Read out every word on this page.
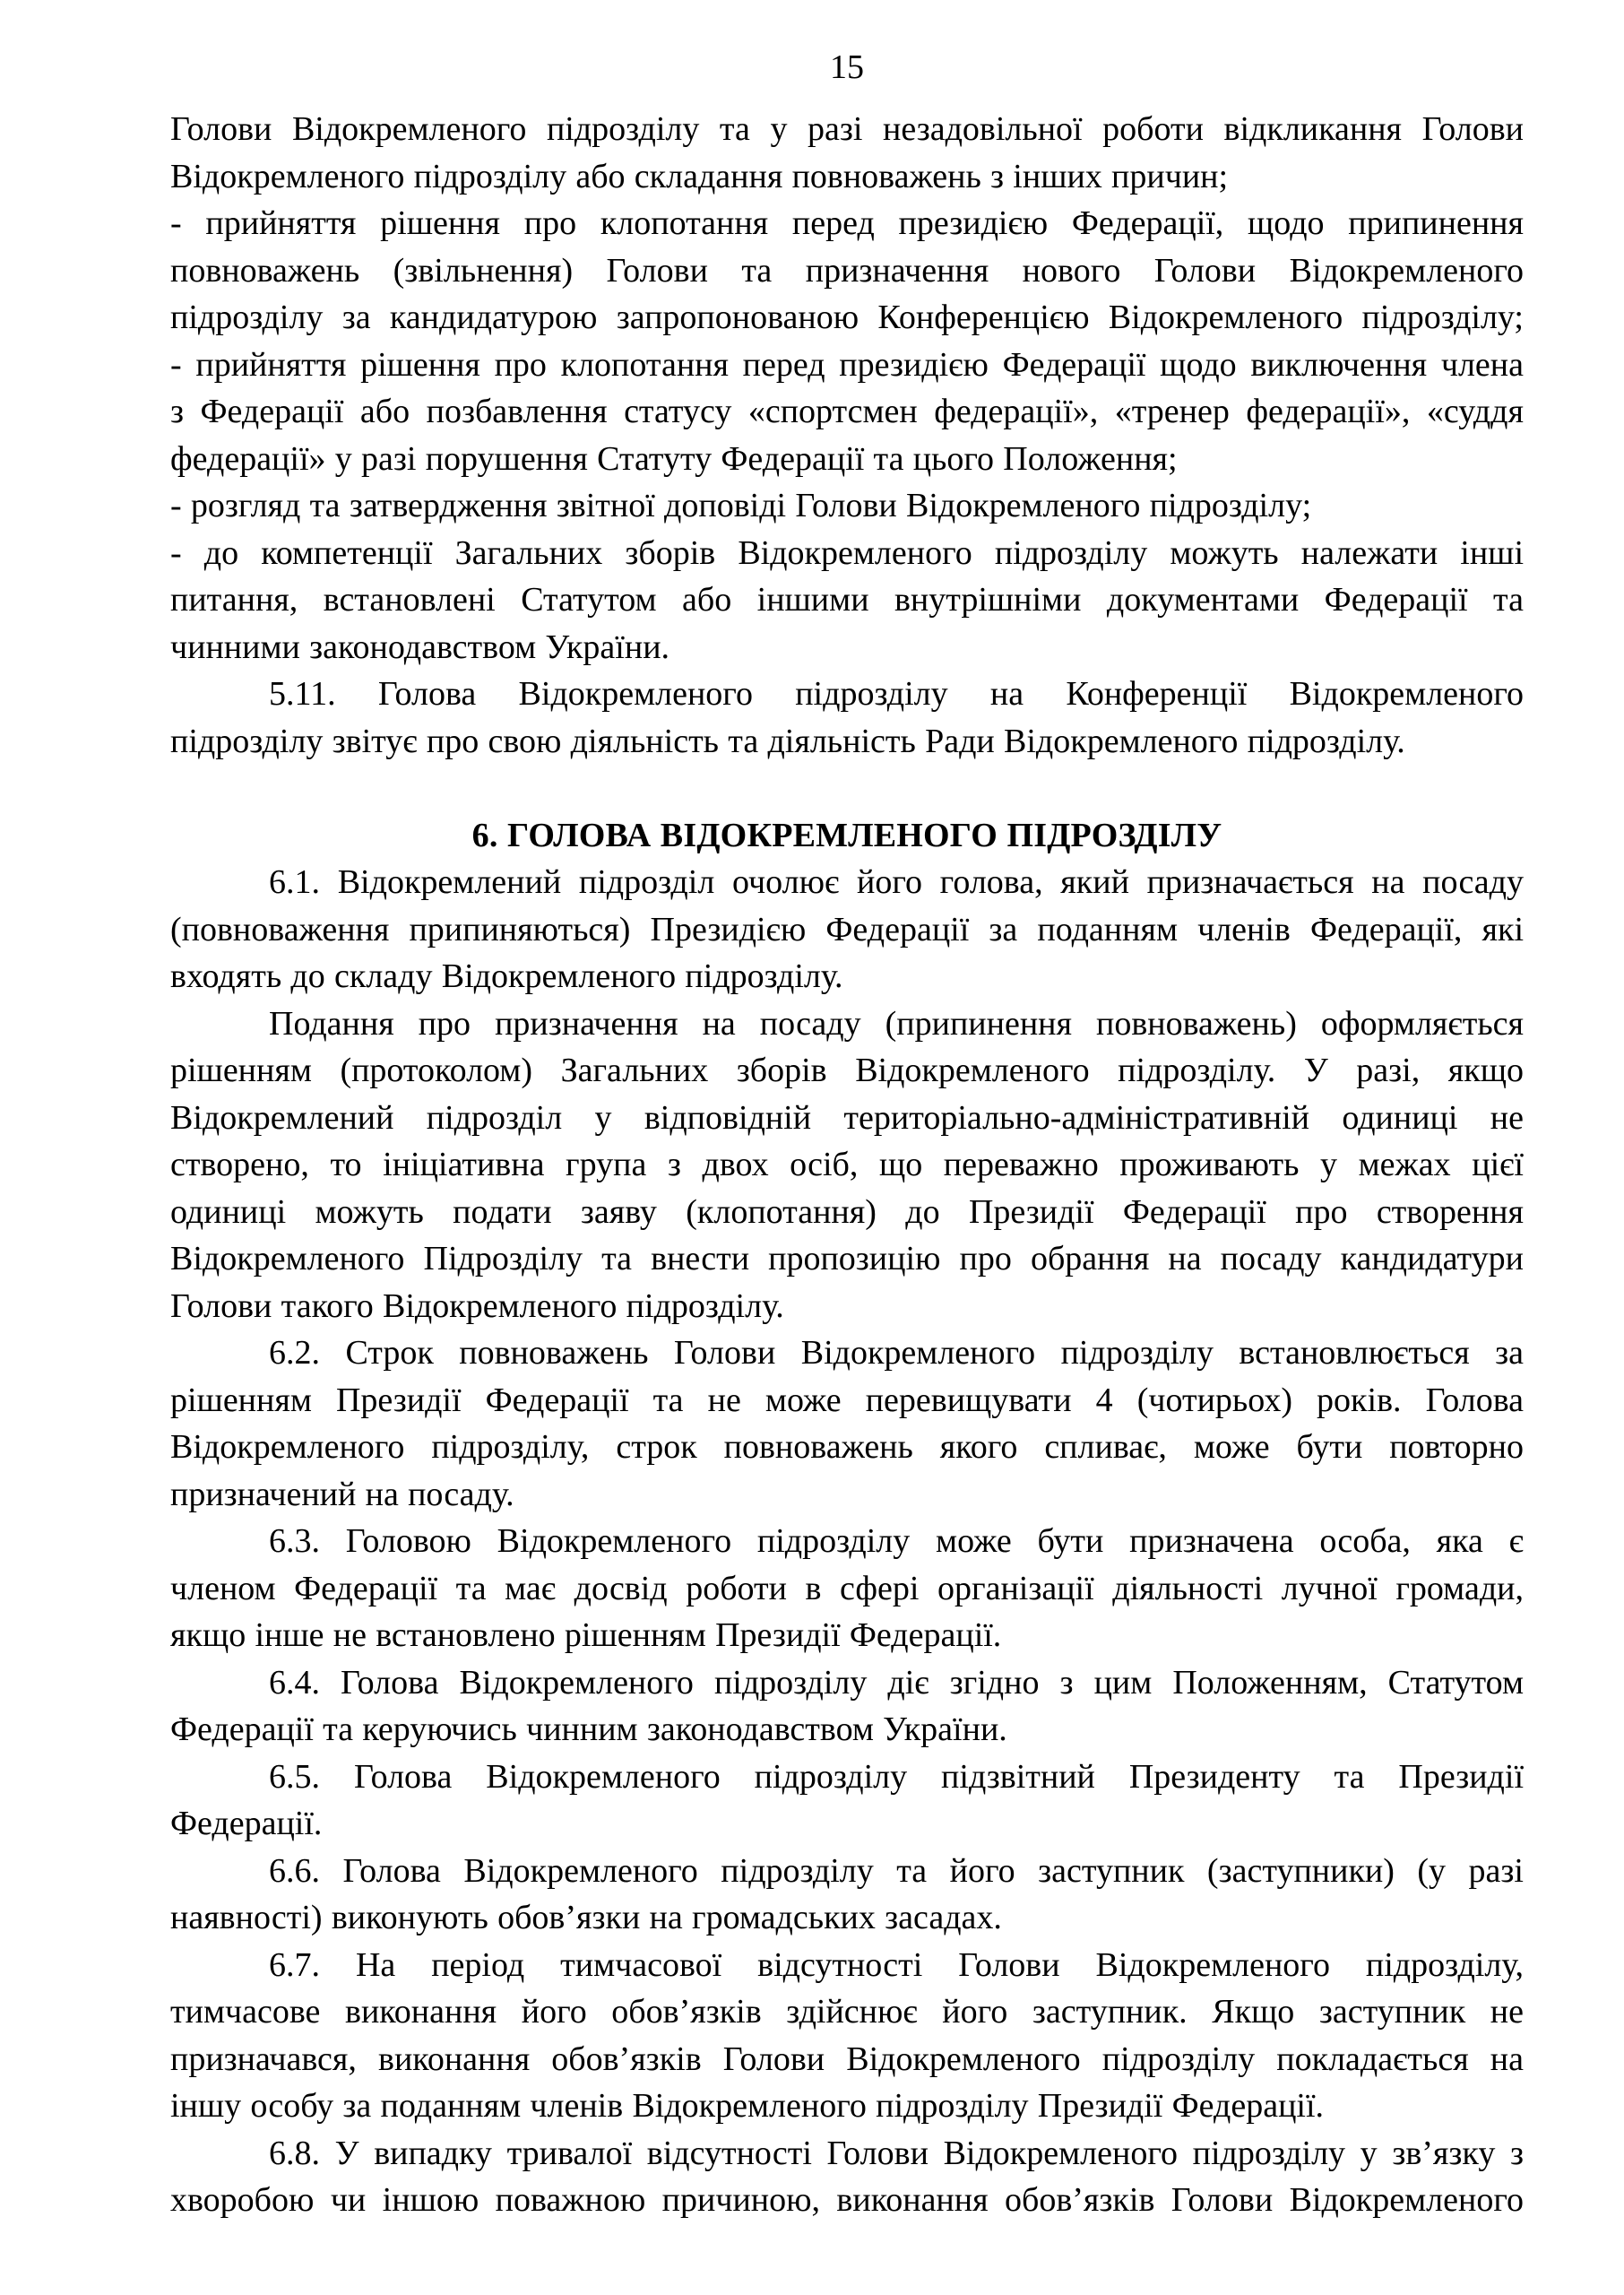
15
Голови Відокремленого підрозділу та у разі незадовільної роботи відкликання Голови
Відокремленого підрозділу або складання повноважень з інших причин;
- прийняття рішення про клопотання перед президією Федерації, щодо припинення
повноважень (звільнення) Голови та призначення нового Голови Відокремленого
підрозділу за кандидатурою запропонованою Конференцією Відокремленого підрозділу;
- прийняття рішення про клопотання перед президією Федерації щодо виключення члена
з Федерації або позбавлення статусу «спортсмен федерації», «тренер федерації», «суддя
федерації» у разі порушення Статуту Федерації та цього Положення;
- розгляд та затвердження звітної доповіді Голови Відокремленого підрозділу;
- до компетенції Загальних зборів Відокремленого підрозділу можуть належати інші
питання, встановлені Статутом або іншими внутрішніми документами Федерації та
чинними законодавством України.
5.11. Голова Відокремленого підрозділу на Конференції Відокремленого
підрозділу звітує про свою діяльність та діяльність Ради Відокремленого підрозділу.
6. ГОЛОВА ВІДОКРЕМЛЕНОГО ПІДРОЗДІЛУ
6.1. Відокремлений підрозділ очолює його голова, який призначається на посаду
(повноваження припиняються) Президією Федерації за поданням членів Федерації, які
входять до складу Відокремленого підрозділу.
Подання про призначення на посаду (припинення повноважень) оформляється
рішенням (протоколом) Загальних зборів Відокремленого підрозділу. У разі, якщо
Відокремлений підрозділ у відповідній територіально-адміністративній одиниці не
створено, то ініціативна група з двох осіб, що переважно проживають у межах цієї
одиниці можуть подати заяву (клопотання) до Президії Федерації про створення
Відокремленого Підрозділу та внести пропозицію про обрання на посаду кандидатури
Голови такого Відокремленого підрозділу.
6.2. Строк повноважень Голови Відокремленого підрозділу встановлюється за
рішенням Президії Федерації та не може перевищувати 4 (чотирьох) років. Голова
Відокремленого підрозділу, строк повноважень якого спливає, може бути повторно
призначений на посаду.
6.3. Головою Відокремленого підрозділу може бути призначена особа, яка є
членом Федерації та має досвід роботи в сфері організації діяльності лучної громади,
якщо інше не встановлено рішенням Президії Федерації.
6.4. Голова Відокремленого підрозділу діє згідно з цим Положенням, Статутом
Федерації та керуючись чинним законодавством України.
6.5. Голова Відокремленого підрозділу підзвітний Президенту та Президії
Федерації.
6.6. Голова Відокремленого підрозділу та його заступник (заступники) (у разі
наявності) виконують обов’язки на громадських засадах.
6.7. На період тимчасової відсутності Голови Відокремленого підрозділу,
тимчасове виконання його обов’язків здійснює його заступник. Якщо заступник не
призначався, виконання обов’язків Голови Відокремленого підрозділу покладається на
іншу особу за поданням членів Відокремленого підрозділу Президії Федерації.
6.8. У випадку тривалої відсутності Голови Відокремленого підрозділу у зв’язку з
хворобою чи іншою поважною причиною, виконання обов’язків Голови Відокремленого
